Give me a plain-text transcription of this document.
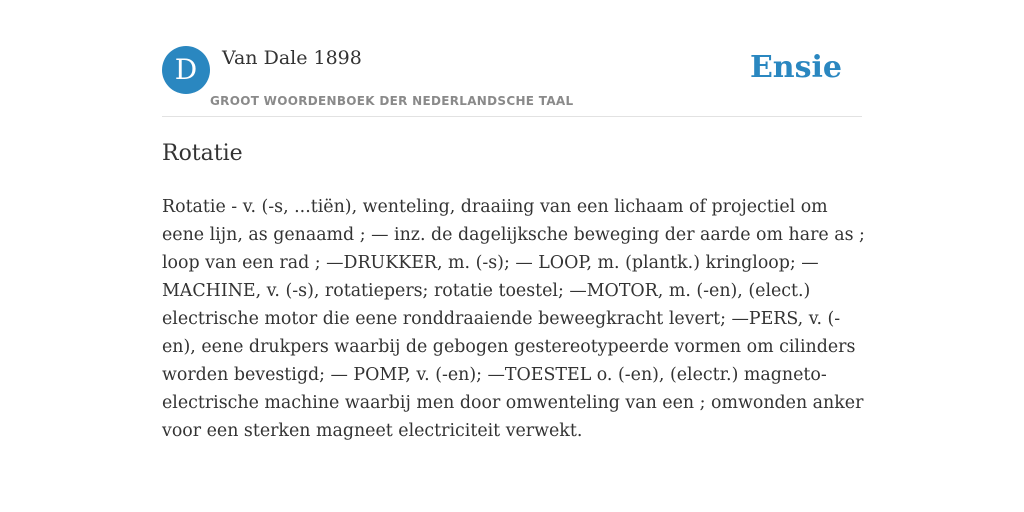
D	Van Dale 1898
GROOT WOORDENBOEK DER NEDERLANDSCHE TAAL
Ensie
Rotatie

Rotatie - v. (-s, ...tiën), wenteling, draaiing van een lichaam of projectiel om eene lijn, as genaamd ; — inz. de dagelijksche beweging der aarde om hare as ; loop van een rad ; —DRUKKER, m. (-s); — LOOP, m. (plantk.) kringloop; — MACHINE, v. (-s), rotatiepers; rotatie toestel; —MOTOR, m. (-en), (elect.) electrische motor die eene ronddraaiende beweegkracht levert; —PERS, v. (-en), eene drukpers waarbij de gebogen gestereotypeerde vormen om cilinders worden bevestigd; — POMP, v. (-en); —TOESTEL o. (-en), (electr.) magneto-electrische machine waarbij men door omwenteling van een ; omwonden anker voor een sterken magneet electriciteit verwekt.
